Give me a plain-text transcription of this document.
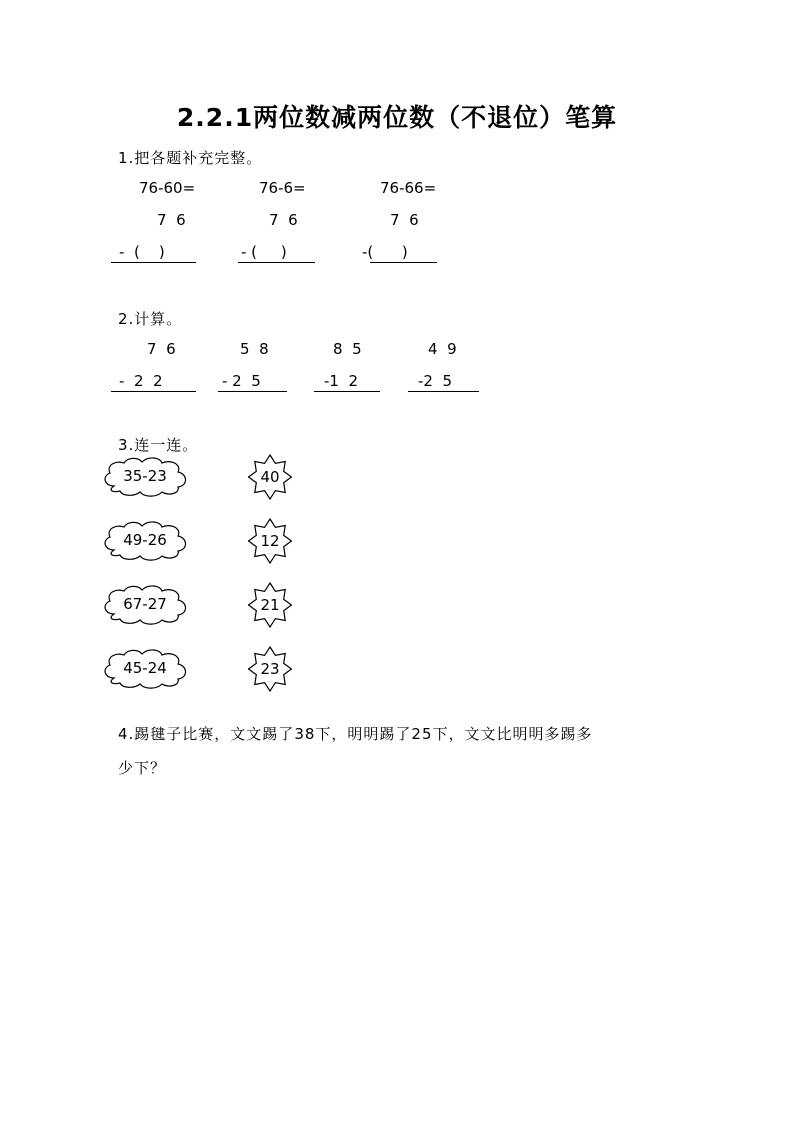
2.2.1两位数减两位数（不退位）笔算
1.把各题补充完整。
76-60=
7  6
-  (    )
76-6=
7  6
- (     )
76-66=
7  6
-(      )
2.计算。
7  6
-  2  2
5  8
- 2  5
8  5
-1  2
4  9
-2  5
3.连一连。
35-23
49-26
67-27
45-24
40
12
21
23
4.踢毽子比赛，文文踢了38下，明明踢了25下，文文比明明多踢多
少下？
